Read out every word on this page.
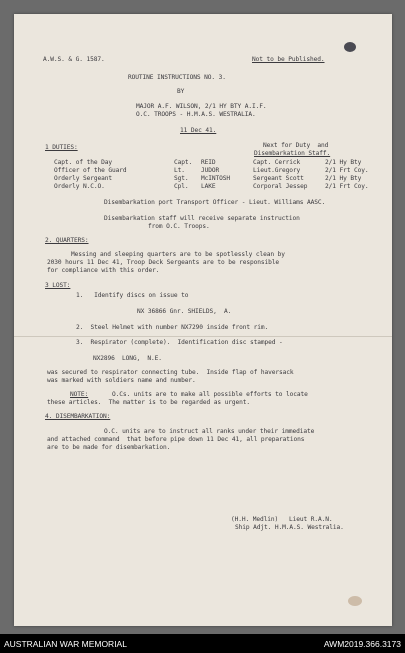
A.W.S. & G. 1587.	Not to be Published.
ROUTINE INSTRUCTIONS NO. 3.
BY
MAJOR A.F. WILSON, 2/1 HY BTY A.I.F.
O.C. TROOPS - H.M.A.S. WESTRALIA.
11 Dec 41.
1 DUTIES:	Next for Duty  and
Disembarkation Staff.
Capt. of the Day	Capt. REID	Capt. Cerrick	2/1 Hy Bty
Officer of the Guard	Lt.	JUDOR	Lieut.Gregory	2/1 Frt Coy.
Orderly Sergeant	Sgt. McINTOSH	Sergeant Scott	2/1 Hy Bty
Orderly N.C.O.	Cpl. LAKE	Corporal Jessep	2/1 Frt Coy.
Disembarkation port Transport Officer - Lieut. Williams AASC.
Disembarkation staff will receive separate instruction
from O.C. Troops.
2. QUARTERS:
Messing and sleeping quarters are to be spotlessly clean by
2030 hours 11 Dec 41, Troop Deck Sergeants are to be responsible
for compliance with this order.
3 LOST:
1.   Identify discs on issue to
NX 36866 Gnr. SHIELDS,  A.
2.  Steel Helmet with number NX7290 inside front rim.
3.  Respirator (complete).  Identification disc stamped -
NX2896  LONG,  N.E.
was secured to respirator connecting tube.  Inside flap of haversack
was marked with soldiers name and number.
NOTE:	O.Cs. units are to make all possible efforts to locate
these articles.  The matter is to be regarded as urgent.
4. DISEMBARKATION:
O.C. units are to instruct all ranks under their immediate
and attached command  that before pipe down 11 Dec 41, all preparations
are to be made for disembarkation.
(H.H. Medlin)   Lieut R.A.N.
Ship Adjt. H.M.A.S. Westralia.
AUSTRALIAN WAR MEMORIAL	AWM2019.366.3173
